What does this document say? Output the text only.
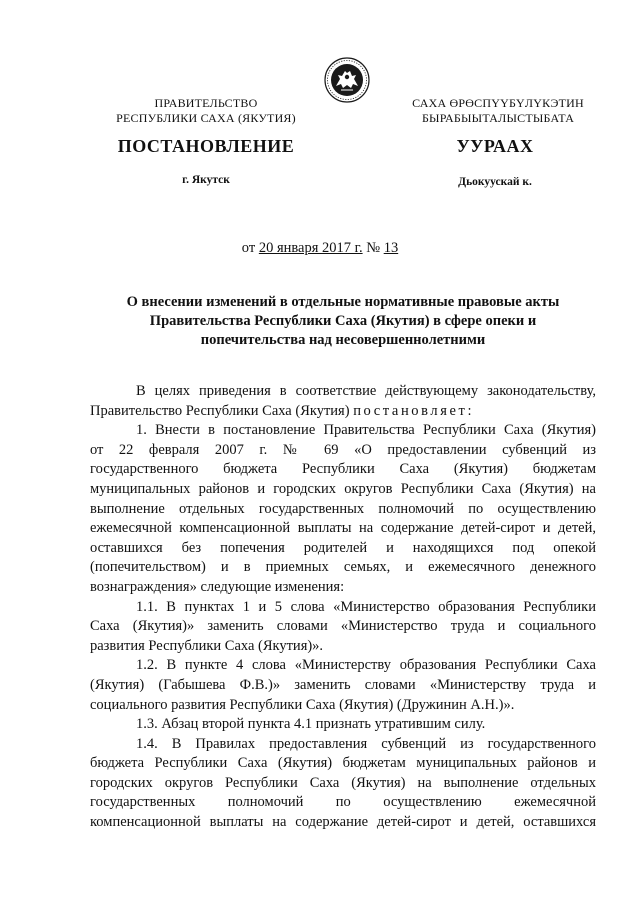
ПРАВИТЕЛЬСТВО
РЕСПУБЛИКИ САХА (ЯКУТИЯ)
САХА ӨРӨСПҮҮБҮЛҮКЭТИН
БЫРАБЫЫТАЛЫСТЫБАТА
ПОСТАНОВЛЕНИЕ	УУРААХ
г. Якутск	Дьокуускай к.
от 20 января 2017 г. № 13
О внесении изменений в отдельные нормативные правовые акты
Правительства Республики Саха (Якутия) в сфере опеки и
попечительства над несовершеннолетними
В целях приведения в соответствие действующему законодательству,
Правительство Республики Саха (Якутия) постановляет:
1. Внести в постановление Правительства Республики Саха (Якутия)
от 22 февраля 2007 г. № 69 «О предоставлении субвенций из
государственного бюджета Республики Саха (Якутия) бюджетам
муниципальных районов и городских округов Республики Саха (Якутия) на
выполнение отдельных государственных полномочий по осуществлению
ежемесячной компенсационной выплаты на содержание детей-сирот и детей,
оставшихся без попечения родителей и находящихся под опекой
(попечительством) и в приемных семьях, и ежемесячного денежного
вознаграждения» следующие изменения:
1.1. В пунктах 1 и 5 слова «Министерство образования Республики
Саха (Якутия)» заменить словами «Министерство труда и социального
развития Республики Саха (Якутия)».
1.2. В пункте 4 слова «Министерству образования Республики Саха
(Якутия) (Габышева Ф.В.)» заменить словами «Министерству труда и
социального развития Республики Саха (Якутия) (Дружинин А.Н.)».
1.3. Абзац второй пункта 4.1 признать утратившим силу.
1.4. В Правилах предоставления субвенций из государственного
бюджета Республики Саха (Якутия) бюджетам муниципальных районов и
городских округов Республики Саха (Якутия) на выполнение отдельных
государственных полномочий по осуществлению ежемесячной
компенсационной выплаты на содержание детей-сирот и детей, оставшихся
